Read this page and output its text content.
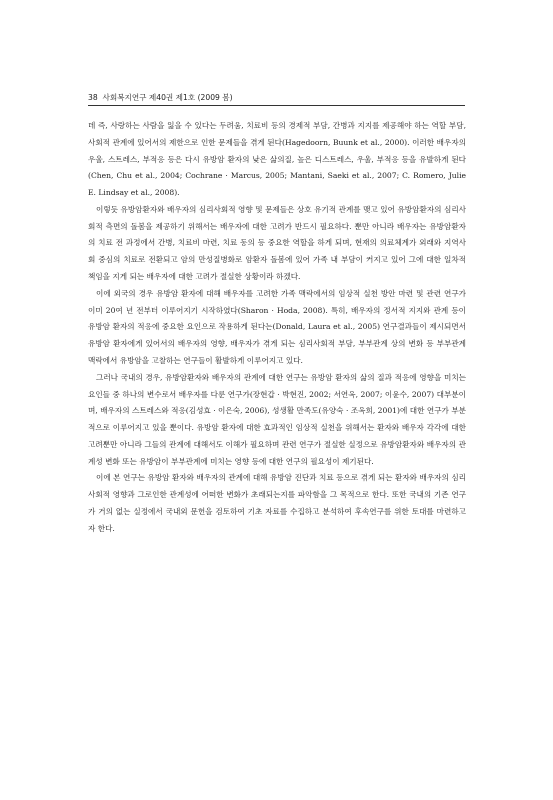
38 사회복지연구 제40권 제1호 (2009 봄)

데 즉, 사랑하는 사람을 잃을 수 있다는 두려움, 치료비 등의 경제적 부담, 간병과 지지를 제공해야 하는 역할 부담, 사회적 관계에 있어서의 제한으로 인한 문제들을 겪게 된다(Hagedoorn, Buunk et al., 2000). 이러한 배우자의 우울, 스트레스, 부적응 등은 다시 유방암 환자의 낮은 삶의질, 높은 디스트레스, 우울, 부적응 등을 유발하게 된다(Chen, Chu et al., 2004; Cochrane · Marcus, 2005; Mantani, Saeki et al., 2007; C. Romero, Julie E. Lindsay et al., 2008).

이렇듯 유방암환자와 배우자의 심리사회적 영향 및 문제들은 상호 유기적 관계를 맺고 있어 유방암환자의 심리사회적 측면의 돌봄을 제공하기 위해서는 배우자에 대한 고려가 반드시 필요하다. 뿐만 아니라 배우자는 유방암환자의 치료 전 과정에서 간병, 치료비 마련, 치료 동의 등 중요한 역할을 하게 되며, 현재의 의료체계가 외래와 지역사회 중심의 치료로 전환되고 암의 만성질병화로 암환자 돌봄에 있어 가족 내 부담이 커지고 있어 그에 대한 일차적 책임을 지게 되는 배우자에 대한 고려가 절실한 상황이라 하겠다.

이에 외국의 경우 유방암 환자에 대해 배우자를 고려한 가족 맥락에서의 임상적 실천 방안 마련 및 관련 연구가 이미 20여 년 전부터 이루어지기 시작하였다(Sharon · Hoda, 2008). 특히, 배우자의 정서적 지지와 관계 등이 유방암 환자의 적응에 중요한 요인으로 작용하게 된다는(Donald, Laura et al., 2005) 연구결과들이 제시되면서 유방암 환자에게 있어서의 배우자의 영향, 배우자가 겪게 되는 심리사회적 부담, 부부관계 상의 변화 등 부부관계 맥락에서 유방암을 고찰하는 연구들이 활발하게 이루어지고 있다.

그러나 국내의 경우, 유방암환자와 배우자의 관계에 대한 연구는 유방암 환자의 삶의 질과 적응에 영향을 미치는 요인들 중 하나의 변수로서 배우자를 다룬 연구가(장현갑 · 박현진, 2002; 서연옥, 2007; 이윤수, 2007) 대부분이며, 배우자의 스트레스와 적응(김성효 · 이은숙, 2006), 성생활 만족도(유양숙 · 조옥희, 2001)에 대한 연구가 부분적으로 이루어지고 있을 뿐이다. 유방암 환자에 대한 효과적인 임상적 실천을 위해서는 환자와 배우자 각각에 대한 고려뿐만 아니라 그들의 관계에 대해서도 이해가 필요하며 관련 연구가 절실한 실정으로 유방암환자와 배우자의 관계성 변화 또는 유방암이 부부관계에 미치는 영향 등에 대한 연구의 필요성이 제기된다.

이에 본 연구는 유방암 환자와 배우자의 관계에 대해 유방암 진단과 치료 등으로 겪게 되는 환자와 배우자의 심리사회적 영향과 그로인한 관계성에 어떠한 변화가 초래되는지를 파악함을 그 목적으로 한다. 또한 국내의 기존 연구가 거의 없는 실정에서 국내외 문헌을 검토하여 기초 자료를 수집하고 분석하여 후속연구를 위한 토대를 마련하고자 한다.
